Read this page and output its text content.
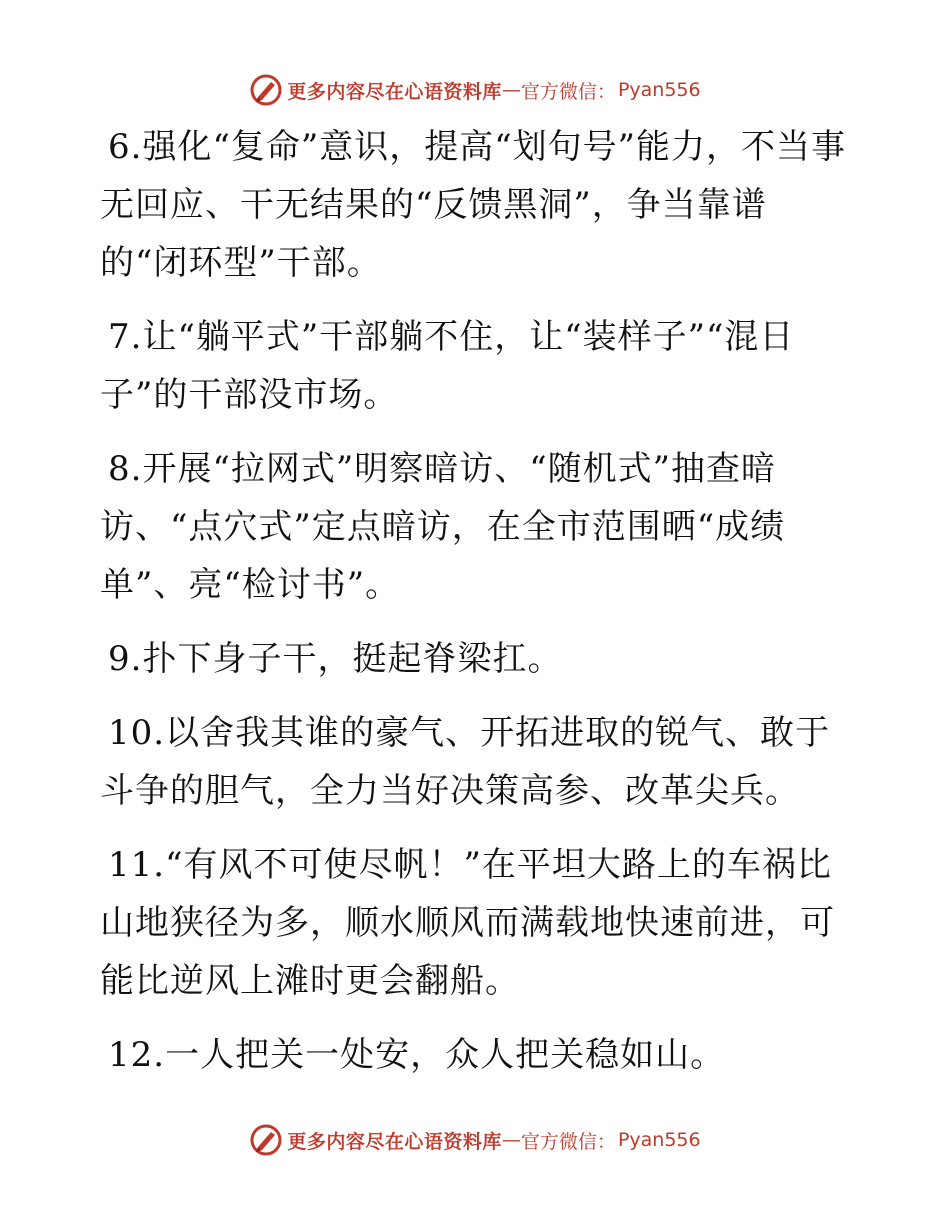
更多内容尽在心语资料库 — 官方微信： Pyan556

6.强化“复命”意识，提高“划句号”能力，不当事无回应、干无结果的“反馈黑洞”，争当靠谱的“闭环型”干部。

7.让“躺平式”干部躺不住，让“装样子”“混日子”的干部没市场。

8.开展“拉网式”明察暗访、“随机式”抽查暗访、“点穴式”定点暗访，在全市范围晒“成绩单”、亮“检讨书”。

9.扑下身子干，挺起脊梁扛。

10.以舍我其谁的豪气、开拓进取的锐气、敢于斗争的胆气，全力当好决策高参、改革尖兵。

11.“有风不可使尽帆！”在平坦大路上的车祸比山地狭径为多，顺水顺风而满载地快速前进，可能比逆风上滩时更会翻船。

12.一人把关一处安，众人把关稳如山。

更多内容尽在心语资料库 — 官方微信： Pyan556
